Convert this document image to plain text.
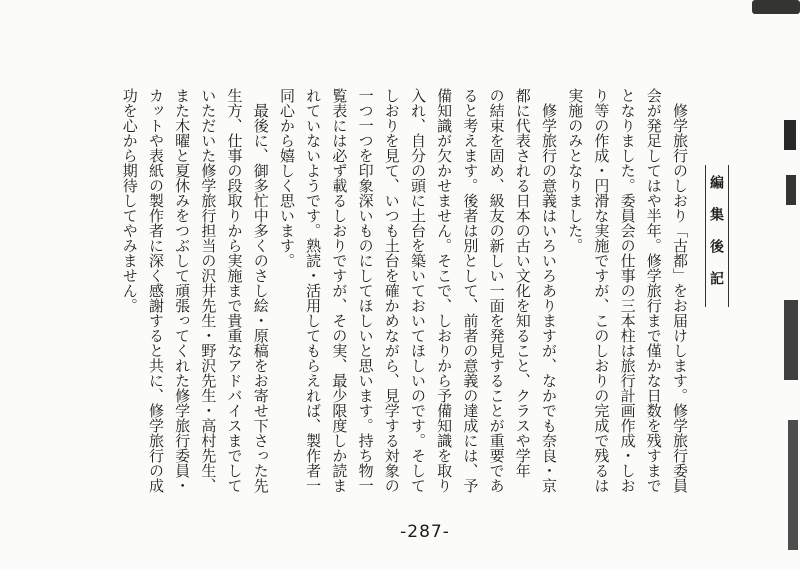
編集後記
修学旅行のしおり「古都」をお届けします。修学旅行委員
会が発足してはや半年。修学旅行まで僅かな日数を残すまで
となりました。委員会の仕事の三本柱は旅行計画作成・しお
り等の作成・円滑な実施ですが、このしおりの完成で残るは
実施のみとなりました。
修学旅行の意義はいろいろありますが、なかでも奈良・京
都に代表される日本の古い文化を知ること、クラスや学年
の結束を固め、級友の新しい一面を発見することが重要であ
ると考えます。後者は別として、前者の意義の達成には、予
備知識が欠かせません。そこで、しおりから予備知識を取り
入れ、自分の頭に土台を築いておいてほしいのです。そして
しおりを見て、いつも土台を確かめながら、見学する対象の
一つ一つを印象深いものにしてほしいと思います。持ち物一
覧表には必ず載るしおりですが、その実、最少限度しか読ま
れていないようです。熟読・活用してもらえれば、製作者一
同心から嬉しく思います。
最後に、御多忙中多くのさし絵・原稿をお寄せ下さった先
生方、仕事の段取りから実施まで貴重なアドバイスまでして
いただいた修学旅行担当の沢井先生・野沢先生・高村先生、
また木曜と夏休みをつぶして頑張ってくれた修学旅行委員・
カットや表紙の製作者に深く感謝すると共に、修学旅行の成
功を心から期待してやみません。
-287-
